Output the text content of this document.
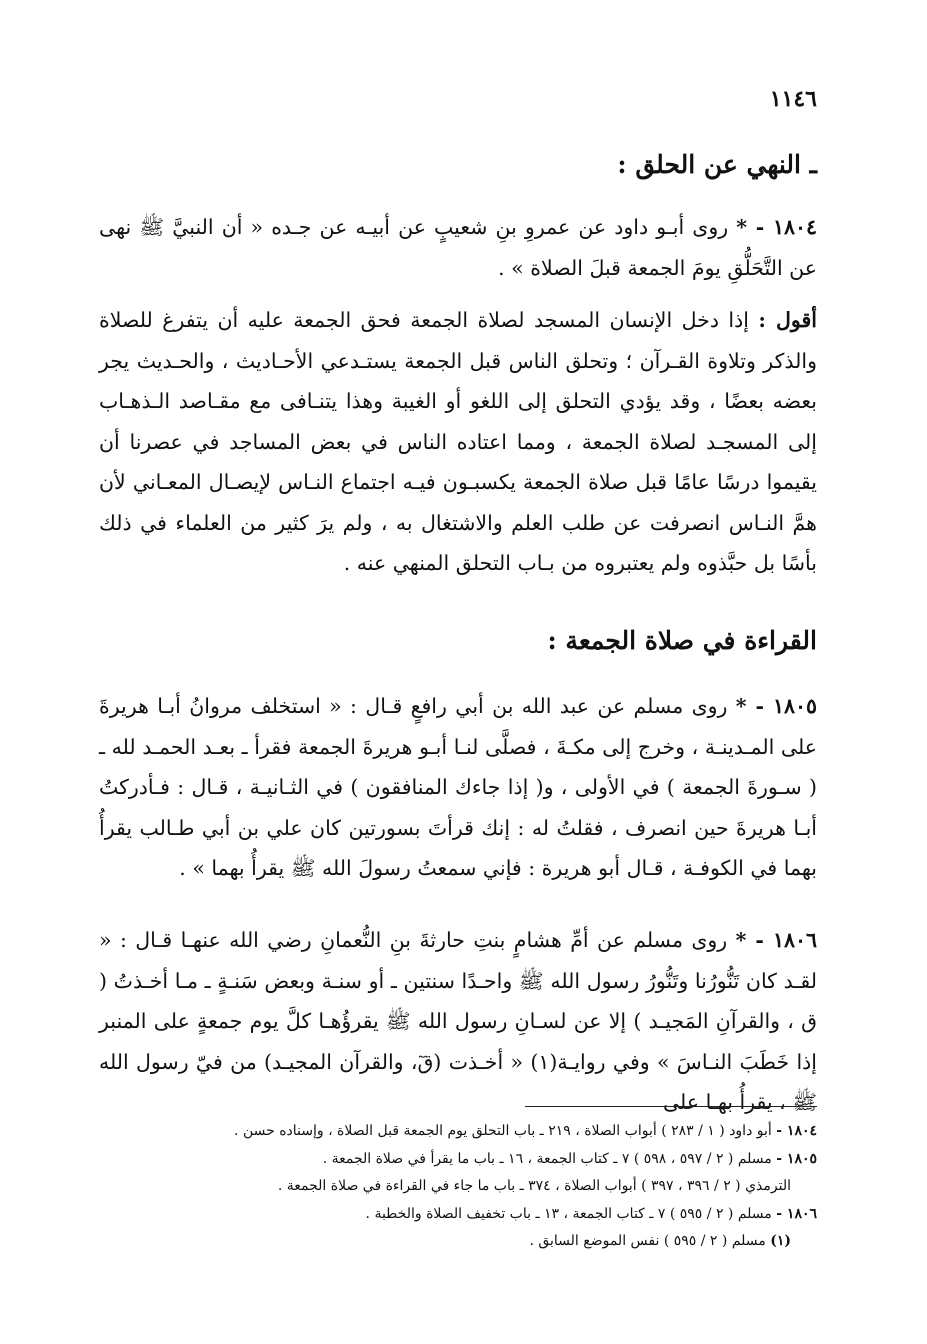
١١٤٦
ـ النهي عن الحلق :

١٨٠٤ - * روى أبـو داود عن عمروِ بنِ شعيبٍ عن أبيـه عن جـده « أن النبيَّ ﷺ نهى عن التَّحَلُّقِ يومَ الجمعة قبلَ الصلاة » .

أقول : إذا دخل الإنسان المسجد لصلاة الجمعة فحق الجمعة عليه أن يتفرغ للصلاة والذكر وتلاوة القـرآن ؛ وتحلق الناس قبل الجمعة يستـدعي الأحـاديث ، والحـديث يجر بعضه بعضًا ، وقد يؤدي التحلق إلى اللغو أو الغيبة وهذا يتنـافى مع مقـاصد الـذهـاب إلى المسجـد لصلاة الجمعة ، ومما اعتاده الناس في بعض المساجد في عصرنا أن يقيموا درسًا عامًا قبل صلاة الجمعة يكسبـون فيـه اجتماع النـاس لإيصـال المعـاني لأن همَّ النـاس انصرفت عن طلب العلم والاشتغال به ، ولم يرَ كثير من العلماء في ذلك بأسًا بل حبَّذوه ولم يعتبروه من بـاب التحلق المنهي عنه .

القراءة في صلاة الجمعة :

١٨٠٥ - * روى مسلم عن عبد الله بن أبي رافعٍ قـال : « استخلف مروانُ أبـا هريرةَ على المـدينـة ، وخرج إلى مكـةَ ، فصلَّى لنـا أبـو هريرةَ الجمعة فقرأ ـ بعـد الحمـد لله ـ ( سـورةَ الجمعة ) في الأولى ، و( إذا جاءك المنافقون ) في الثـانيـة ، قـال : فـأدركتُ أبـا هريرةَ حين انصرف ، فقلتُ له : إنك قرأتَ بسورتين كان علي بن أبي طـالب يقرأُ بهما في الكوفـة ، قـال أبو هريرة : فإني سمعتُ رسولَ الله ﷺ يقرأُ بهما » .

١٨٠٦ - * روى مسلم عن أمِّ هشامٍ بنتِ حارثةَ بنِ النُّعمانِ رضي الله عنهـا قـال : « لقـد كان تَنُّورُنا وتَنُّورُ رسول الله ﷺ واحـدًا سنتين ـ أو سنـة وبعض سَنـةٍ ـ مـا أخـذتُ ( ق ، والقرآنِ المَجيـد ) إلا عن لسـانِ رسول الله ﷺ يقرؤُهـا كلَّ يوم جمعةٍ على المنبر إذا خَطَبَ النـاسَ » وفي روايـة(١) « أخـذت (قٓ، والقرآن المجيـد) من فيّ رسول الله ﷺ ، يقرأُ بهـا على

١٨٠٤ - أبو داود ( ١ / ٢٨٣ ) أبواب الصلاة ، ٢١٩ ـ باب التحلق يوم الجمعة قبل الصلاة ، وإسناده حسن .
١٨٠٥ - مسلم ( ٢ / ٥٩٧ ، ٥٩٨ ) ٧ ـ كتاب الجمعة ، ١٦ ـ باب ما يقرأ في صلاة الجمعة .
الترمذي ( ٢ / ٣٩٦ ، ٣٩٧ ) أبواب الصلاة ، ٣٧٤ ـ باب ما جاء في القراءة في صلاة الجمعة .
١٨٠٦ - مسلم ( ٢ / ٥٩٥ ) ٧ ـ كتاب الجمعة ، ١٣ ـ باب تخفيف الصلاة والخطبة .
(١) مسلم ( ٢ / ٥٩٥ ) نفس الموضع السابق .
